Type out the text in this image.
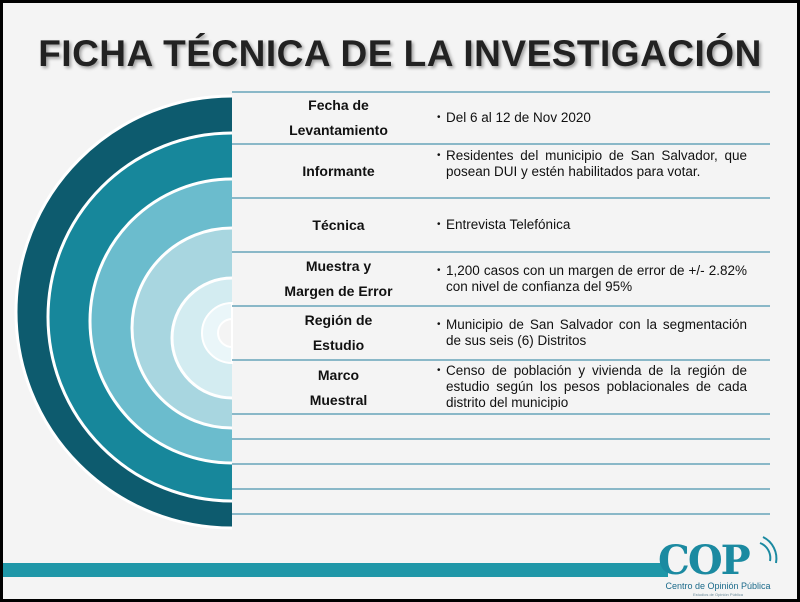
FICHA TÉCNICA DE LA INVESTIGACIÓN
Fecha de
Levantamiento
• Del 6 al 12 de Nov 2020
Informante
• Residentes del municipio de San Salvador, que posean DUI y estén habilitados para votar.
Técnica	• Entrevista Telefónica
Muestra y
Margen de Error
• 1,200 casos con un margen de error de +/- 2.82% con nivel de confianza del 95%
Región de
Estudio
• Municipio de San Salvador con la segmentación de sus seis (6) Distritos
Marco
Muestral
• Censo de población y vivienda de la región de estudio según los pesos poblacionales de cada distrito del municipio
COP
Centro de Opinión Pública
Estudios de Opinión Pública
